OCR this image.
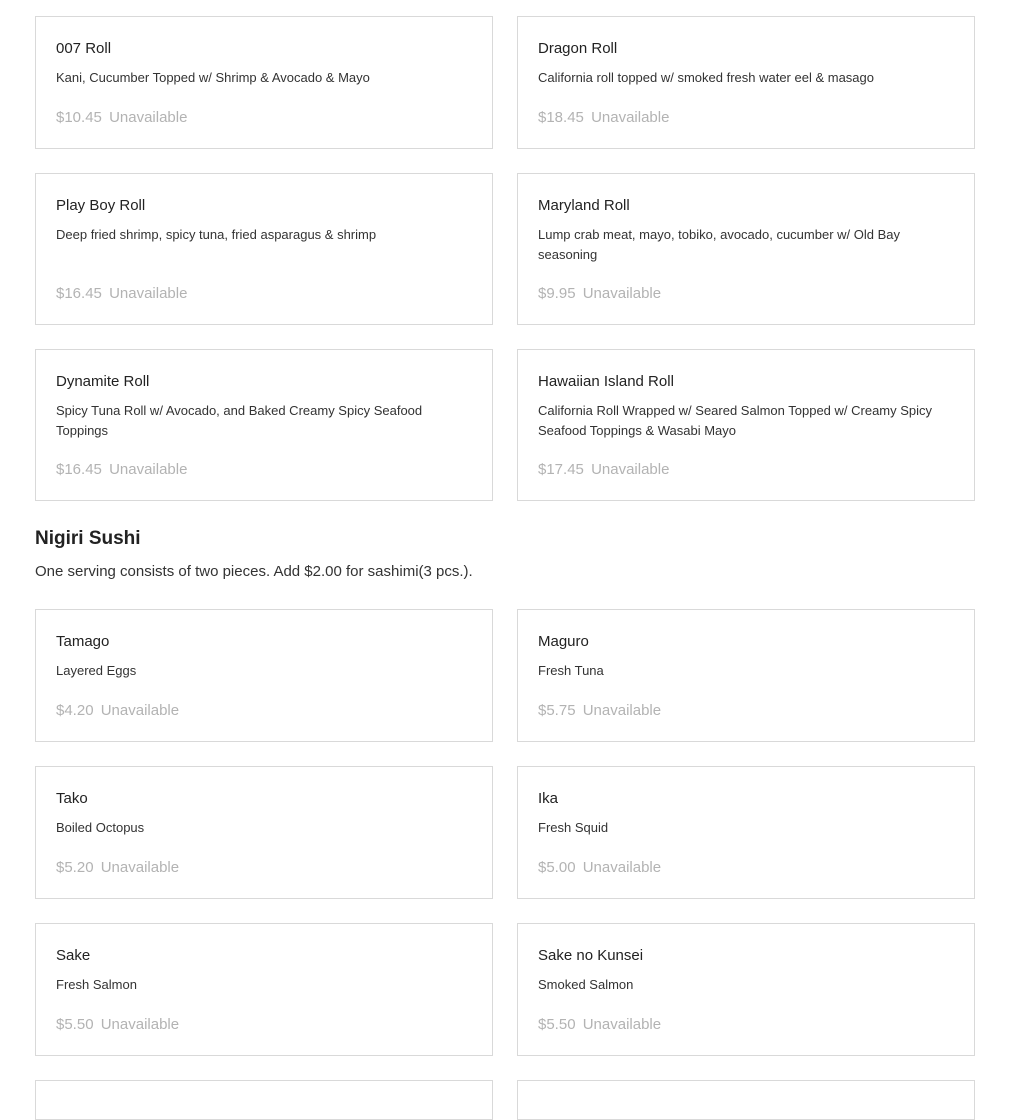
007 Roll
Kani, Cucumber Topped w/ Shrimp & Avocado & Mayo
$10.45 Unavailable
Dragon Roll
California roll topped w/ smoked fresh water eel & masago
$18.45 Unavailable
Play Boy Roll
Deep fried shrimp, spicy tuna, fried asparagus & shrimp
$16.45 Unavailable
Maryland Roll
Lump crab meat, mayo, tobiko, avocado, cucumber w/ Old Bay seasoning
$9.95 Unavailable
Dynamite Roll
Spicy Tuna Roll w/ Avocado, and Baked Creamy Spicy Seafood Toppings
$16.45 Unavailable
Hawaiian Island Roll
California Roll Wrapped w/ Seared Salmon Topped w/ Creamy Spicy Seafood Toppings & Wasabi Mayo
$17.45 Unavailable
Nigiri Sushi

One serving consists of two pieces. Add $2.00 for sashimi(3 pcs.).

Tamago
Layered Eggs
$4.20 Unavailable
Maguro
Fresh Tuna
$5.75 Unavailable
Tako
Boiled Octopus
$5.20 Unavailable
Ika
Fresh Squid
$5.00 Unavailable
Sake
Fresh Salmon
$5.50 Unavailable
Sake no Kunsei
Smoked Salmon
$5.50 Unavailable
